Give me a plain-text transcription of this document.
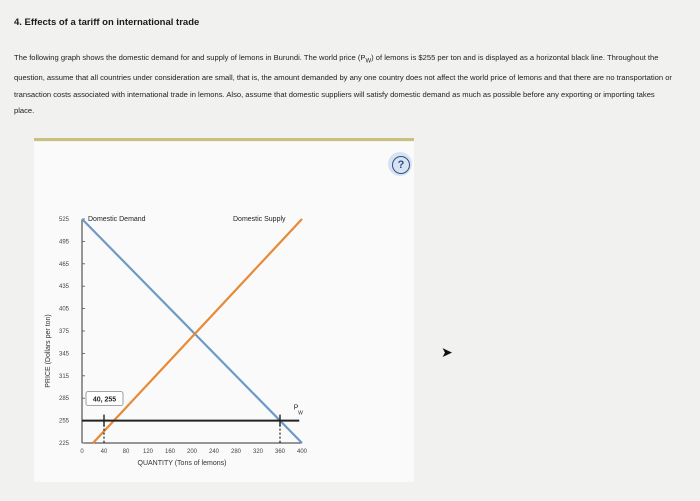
4. Effects of a tariff on international trade

The following graph shows the domestic demand for and supply of lemons in Burundi. The world price $(P_W)$ of lemons is $255 per ton and is displayed as a horizontal black line. Throughout the question, assume that all countries under consideration are small, that is, the amount demanded by any one country does not affect the world price of lemons and that there are no transportation or transaction costs associated with international trade in lemons. Also, assume that domestic suppliers will satisfy domestic demand as much as possible before any exporting or importing takes place.

?
225
255
285
315
345
375
405
435
465
495
525
0	40	80 120 160 200 240 280 320 360 400
QUANTITY (Tons of lemons)
PRICE (Dollars per ton)
Domestic Demand	Domestic Supply
P
W
40, 255
➤
